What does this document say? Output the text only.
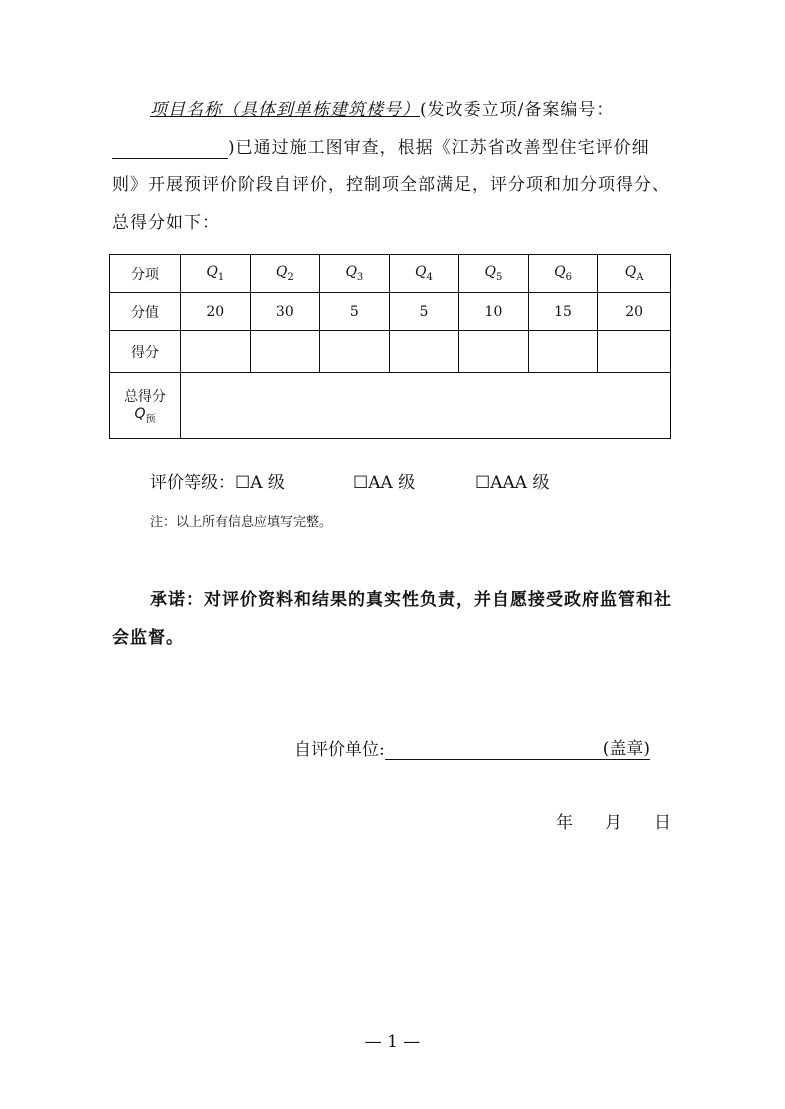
项目名称（具体到单栋建筑楼号）(发改委立项/备案编号：)已通过施工图审查，根据《江苏省改善型住宅评价细则》开展预评价阶段自评价，控制项全部满足，评分项和加分项得分、总得分如下：

分项	$Q_1$	$Q_2$	$Q_3$	$Q_4$	$Q_5$	$Q_6$	$Q_A$
分值	20	30	5	5	10	15	20
得分							

总得分
$Q_预$

评价等级： ☐A 级	☐AA 级	☐AAA 级
注：以上所有信息应填写完整。

承诺：对评价资料和结果的真实性负责，并自愿接受政府监管和社会监督。

自评价单位:	(盖章)
年 月 日
— 1 —
